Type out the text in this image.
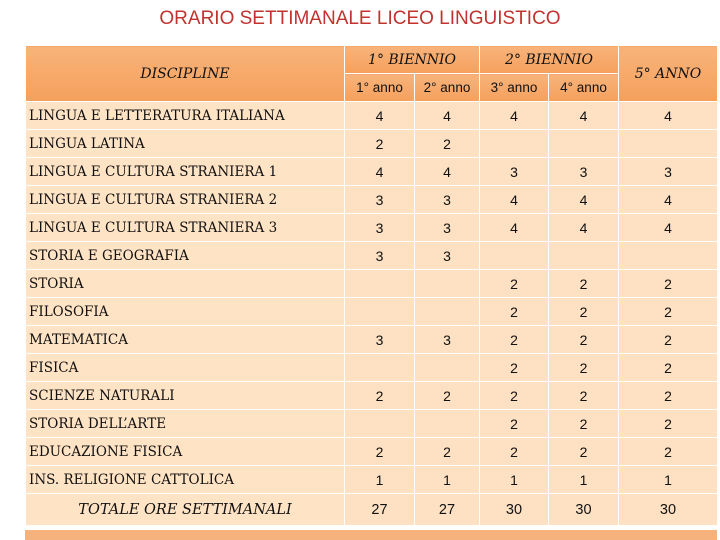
ORARIO SETTIMANALE LICEO LINGUISTICO
DISCIPLINE	1° BIENNIO		2° BIENNIO		5° ANNO
	1° anno	2° anno	3° anno	4° anno	
LINGUA E LETTERATURA ITALIANA	4	4	4	4	4
LINGUA LATINA	2	2			
LINGUA E CULTURA STRANIERA 1	4	4	3	3	3
LINGUA E CULTURA STRANIERA 2	3	3	4	4	4
LINGUA E CULTURA STRANIERA 3	3	3	4	4	4
STORIA E GEOGRAFIA	3	3			
STORIA			2	2	2
FILOSOFIA			2	2	2
MATEMATICA	3	3	2	2	2
FISICA			2	2	2
SCIENZE NATURALI	2	2	2	2	2
STORIA DELL’ARTE			2	2	2
EDUCAZIONE FISICA	2	2	2	2	2
INS. RELIGIONE CATTOLICA	1	1	1	1	1
TOTALE ORE SETTIMANALI	27	27	30	30	30
